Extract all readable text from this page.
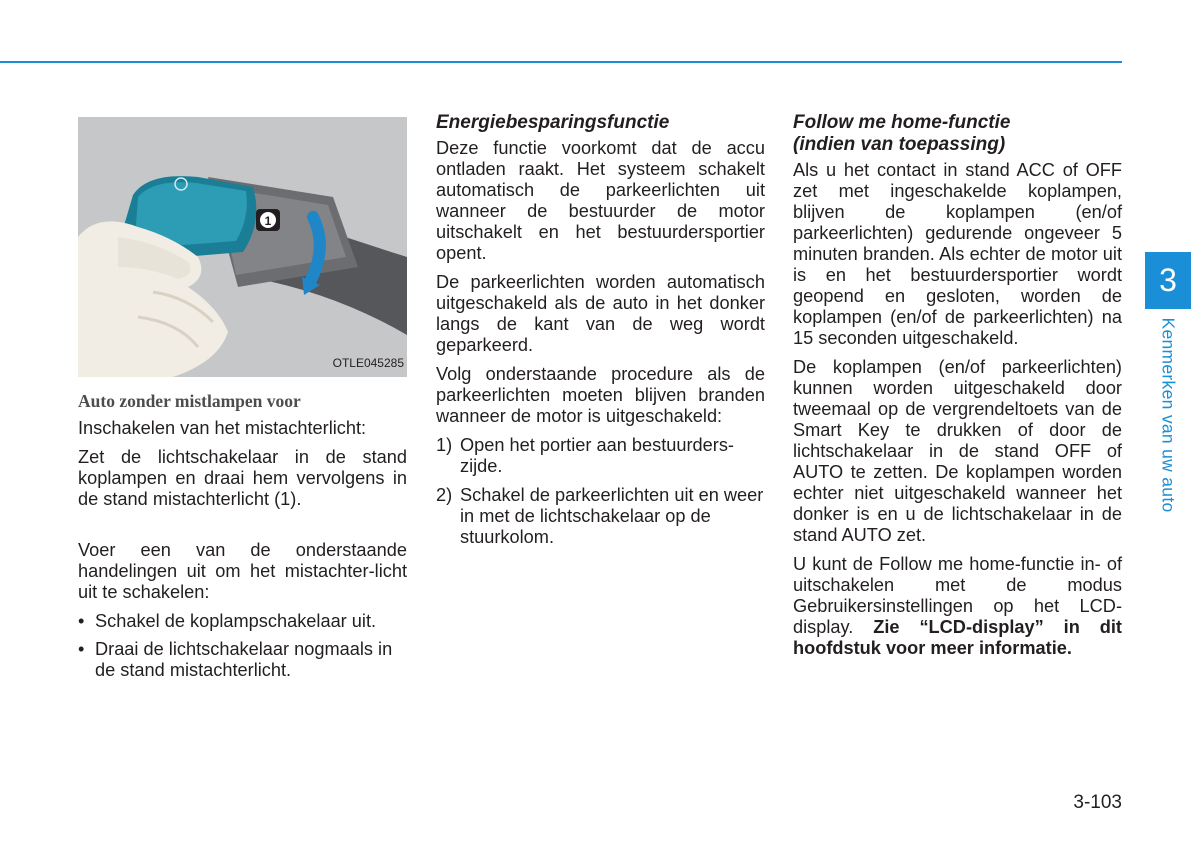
1
OTLE045285
Auto zonder mistlampen voor

Inschakelen van het mistachterlicht:

Zet de lichtschakelaar in de stand koplampen en draai hem vervolgens in de stand mistachterlicht (1).

Voer een van de onderstaande handelingen uit om het mistachter-licht uit te schakelen:

• Schakel de koplampschakelaar uit.
• Draai de lichtschakelaar nogmaals in de stand mistachterlicht.
Energiebesparingsfunctie

Deze functie voorkomt dat de accu ontladen raakt. Het systeem schakelt automatisch de parkeerlichten uit wanneer de bestuurder de motor uitschakelt en het bestuurdersportier opent.

De parkeerlichten worden automatisch uitgeschakeld als de auto in het donker langs de kant van de weg wordt geparkeerd.

Volg onderstaande procedure als de parkeerlichten moeten blijven branden wanneer de motor is uitgeschakeld:

1) Open het portier aan bestuurders-zijde.
2) Schakel de parkeerlichten uit en weer in met de lichtschakelaar op de stuurkolom.
Follow me home-functie
(indien van toepassing)

Als u het contact in stand ACC of OFF zet met ingeschakelde koplampen, blijven de koplampen (en/of parkeerlichten) gedurende ongeveer 5 minuten branden. Als echter de motor uit is en het bestuurdersportier wordt geopend en gesloten, worden de koplampen (en/of de parkeerlichten) na 15 seconden uitgeschakeld.

De koplampen (en/of parkeerlichten) kunnen worden uitgeschakeld door tweemaal op de vergrendeltoets van de Smart Key te drukken of door de lichtschakelaar in de stand OFF of AUTO te zetten. De koplampen worden echter niet uitgeschakeld wanneer het donker is en u de lichtschakelaar in de stand AUTO zet.

U kunt de Follow me home-functie in- of uitschakelen met de modus Gebruikersinstellingen op het LCD-display. Zie “LCD-display” in dit hoofdstuk voor meer informatie.

3
Kenmerken van uw auto
3-103
